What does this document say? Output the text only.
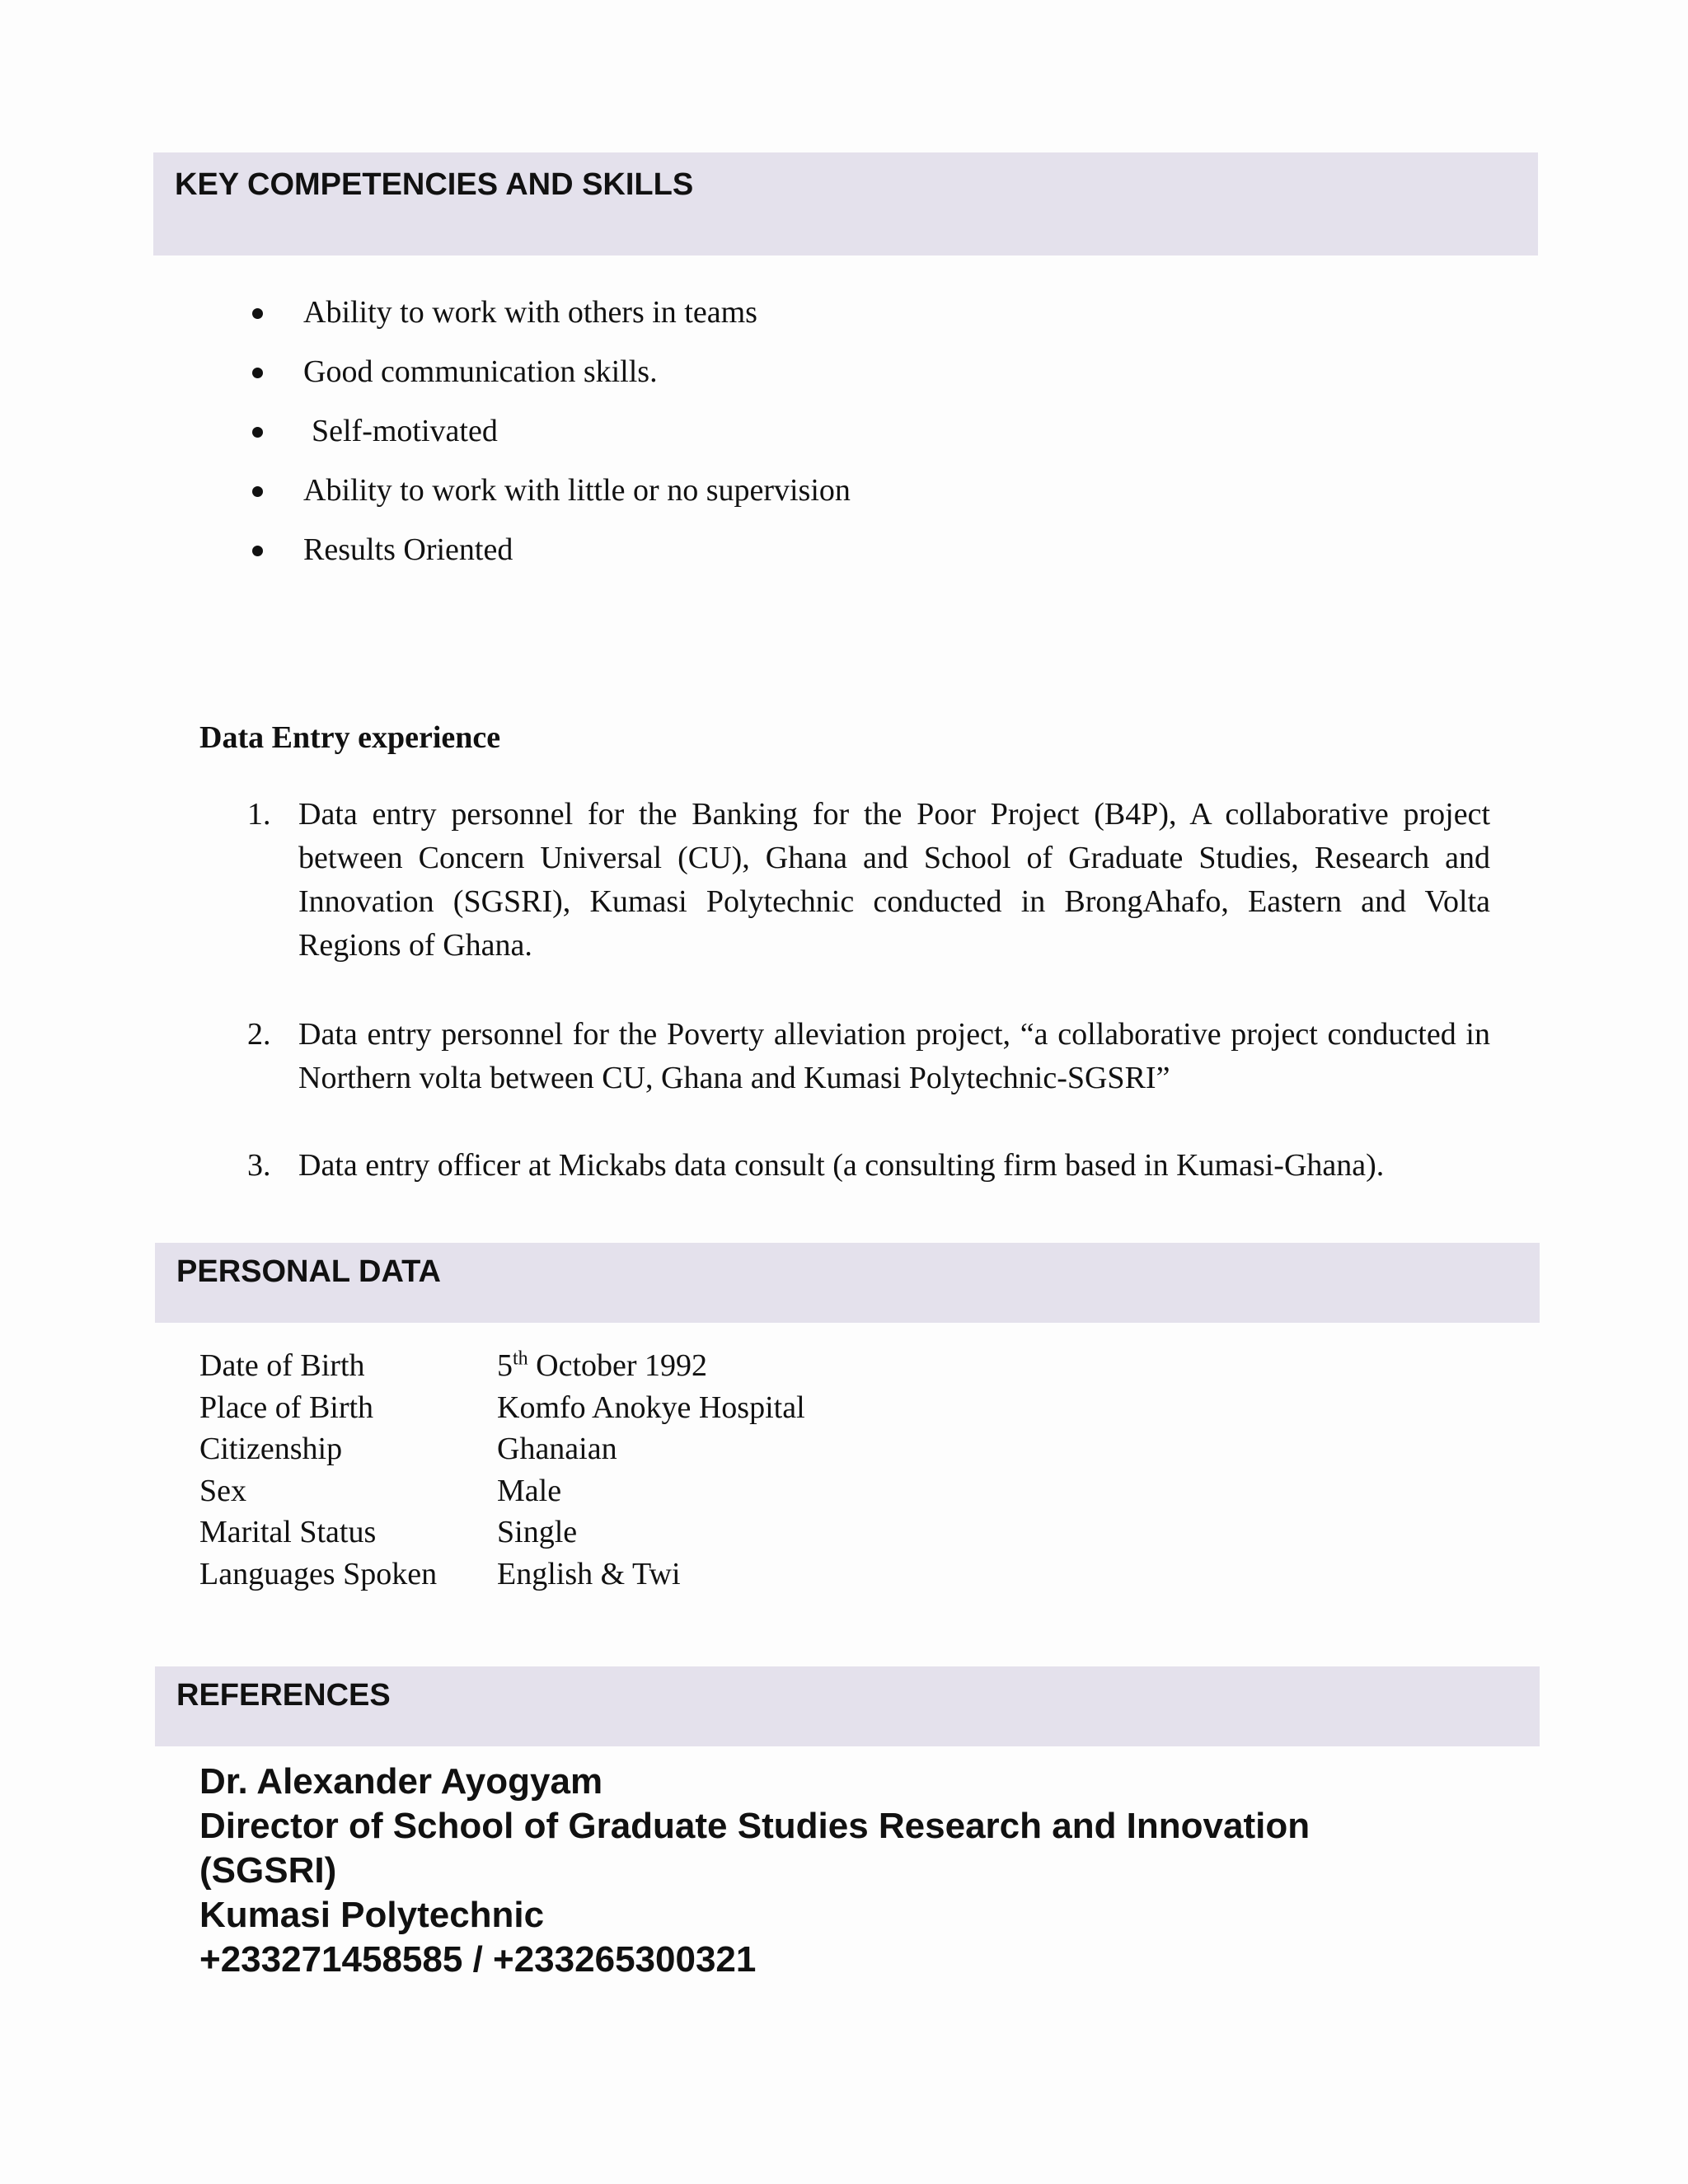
KEY COMPETENCIES AND SKILLS
Ability to work with others in teams
Good communication skills.
Self-motivated
Ability to work with little or no supervision
Results Oriented
Data Entry experience
1. Data entry personnel for the Banking for the Poor Project (B4P), A collaborative project between Concern Universal (CU), Ghana and School of Graduate Studies, Research and Innovation (SGSRI), Kumasi Polytechnic conducted in BrongAhafo, Eastern and Volta Regions of Ghana.
2. Data entry personnel for the Poverty alleviation project, “a collaborative project conducted in Northern volta between CU, Ghana and Kumasi Polytechnic-SGSRI”
3. Data entry officer at Mickabs data consult (a consulting firm based in Kumasi-Ghana).
PERSONAL DATA
Date of Birth	5th October 1992
Place of Birth	Komfo Anokye Hospital
Citizenship	Ghanaian
Sex	Male
Marital Status	Single
Languages Spoken English & Twi
REFERENCES
Dr. Alexander Ayogyam
Director of School of Graduate Studies Research and Innovation
(SGSRI)
Kumasi Polytechnic
+233271458585 / +233265300321
